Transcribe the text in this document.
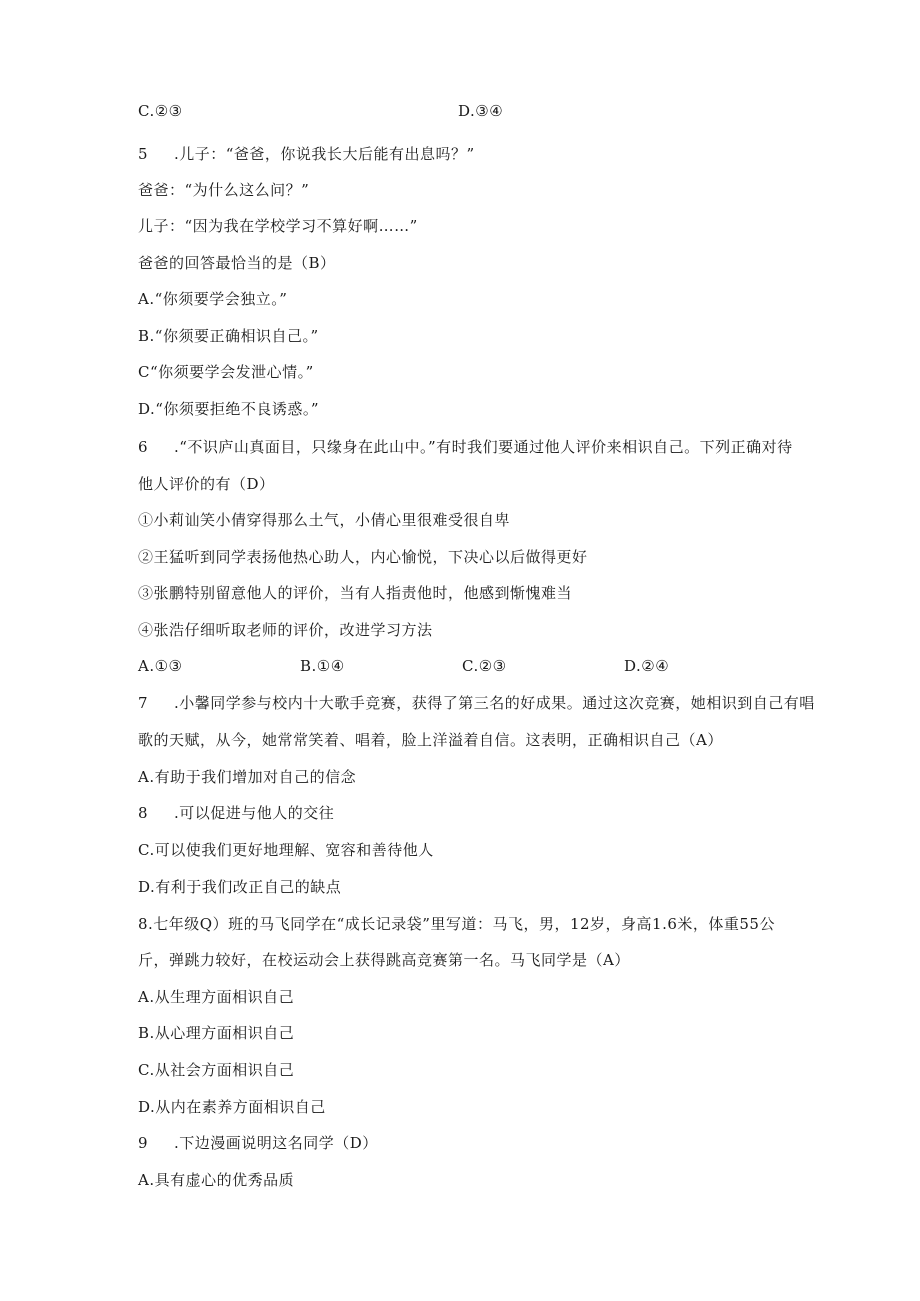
C.②③	D.③④
5 .儿子：“爸爸，你说我长大后能有出息吗？”
爸爸：“为什么这么问？”
儿子：“因为我在学校学习不算好啊……”
爸爸的回答最恰当的是（B）
A.“你须要学会独立。”
B.“你须要正确相识自己。”
C“你须要学会发泄心情。”
D.“你须要拒绝不良诱惑。”
6 .“不识庐山真面目，只缘身在此山中。”有时我们要通过他人评价来相识自己。下列正确对待
他人评价的有（D）
①小莉讪笑小倩穿得那么土气，小倩心里很难受很自卑
②王猛听到同学表扬他热心助人，内心愉悦，下决心以后做得更好
③张鹏特别留意他人的评价，当有人指责他时，他感到惭愧难当
④张浩仔细听取老师的评价，改进学习方法
A.①③	B.①④	C.②③	D.②④
7 .小馨同学参与校内十大歌手竞赛，获得了第三名的好成果。通过这次竞赛，她相识到自己有唱
歌的天赋，从今，她常常笑着、唱着，脸上洋溢着自信。这表明，正确相识自己（A）
A.有助于我们增加对自己的信念
8 .可以促进与他人的交往
C.可以使我们更好地理解、宽容和善待他人
D.有利于我们改正自己的缺点
8.七年级Q）班的马飞同学在“成长记录袋”里写道：马飞，男，12岁，身高1.6米，体重55公
斤，弹跳力较好，在校运动会上获得跳高竞赛第一名。马飞同学是（A）
A.从生理方面相识自己
B.从心理方面相识自己
C.从社会方面相识自己
D.从内在素养方面相识自己
9 .下边漫画说明这名同学（D）
A.具有虚心的优秀品质
